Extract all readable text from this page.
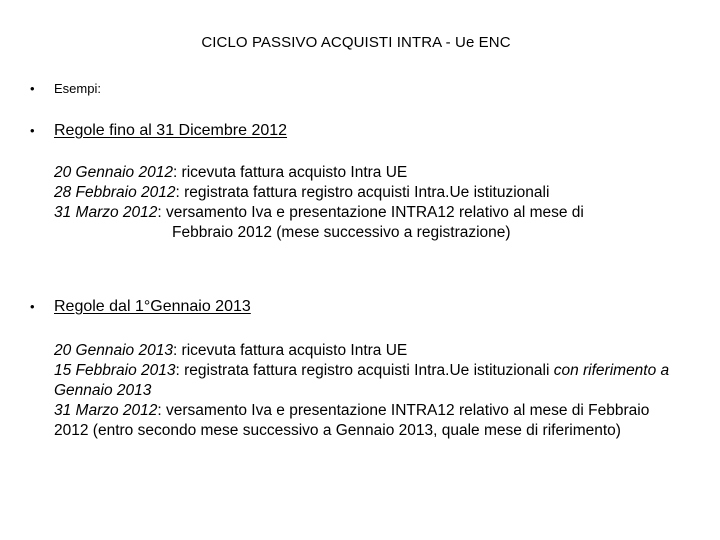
CICLO PASSIVO ACQUISTI INTRA - Ue ENC
•	Esempi:
•	Regole fino al 31 Dicembre 2012
20 Gennaio 2012: ricevuta fattura acquisto Intra UE
28 Febbraio 2012: registrata fattura registro acquisti Intra.Ue istituzionali
31 Marzo 2012: versamento Iva e presentazione INTRA12 relativo al mese di
Febbraio 2012 (mese successivo a registrazione)
•	Regole dal 1°Gennaio 2013
20 Gennaio 2013: ricevuta fattura acquisto Intra UE
15 Febbraio 2013: registrata fattura registro acquisti Intra.Ue istituzionali con riferimento a Gennaio 2013
31 Marzo 2012: versamento Iva e presentazione INTRA12 relativo al mese di Febbraio 2012 (entro secondo mese successivo a Gennaio 2013, quale mese di riferimento)
